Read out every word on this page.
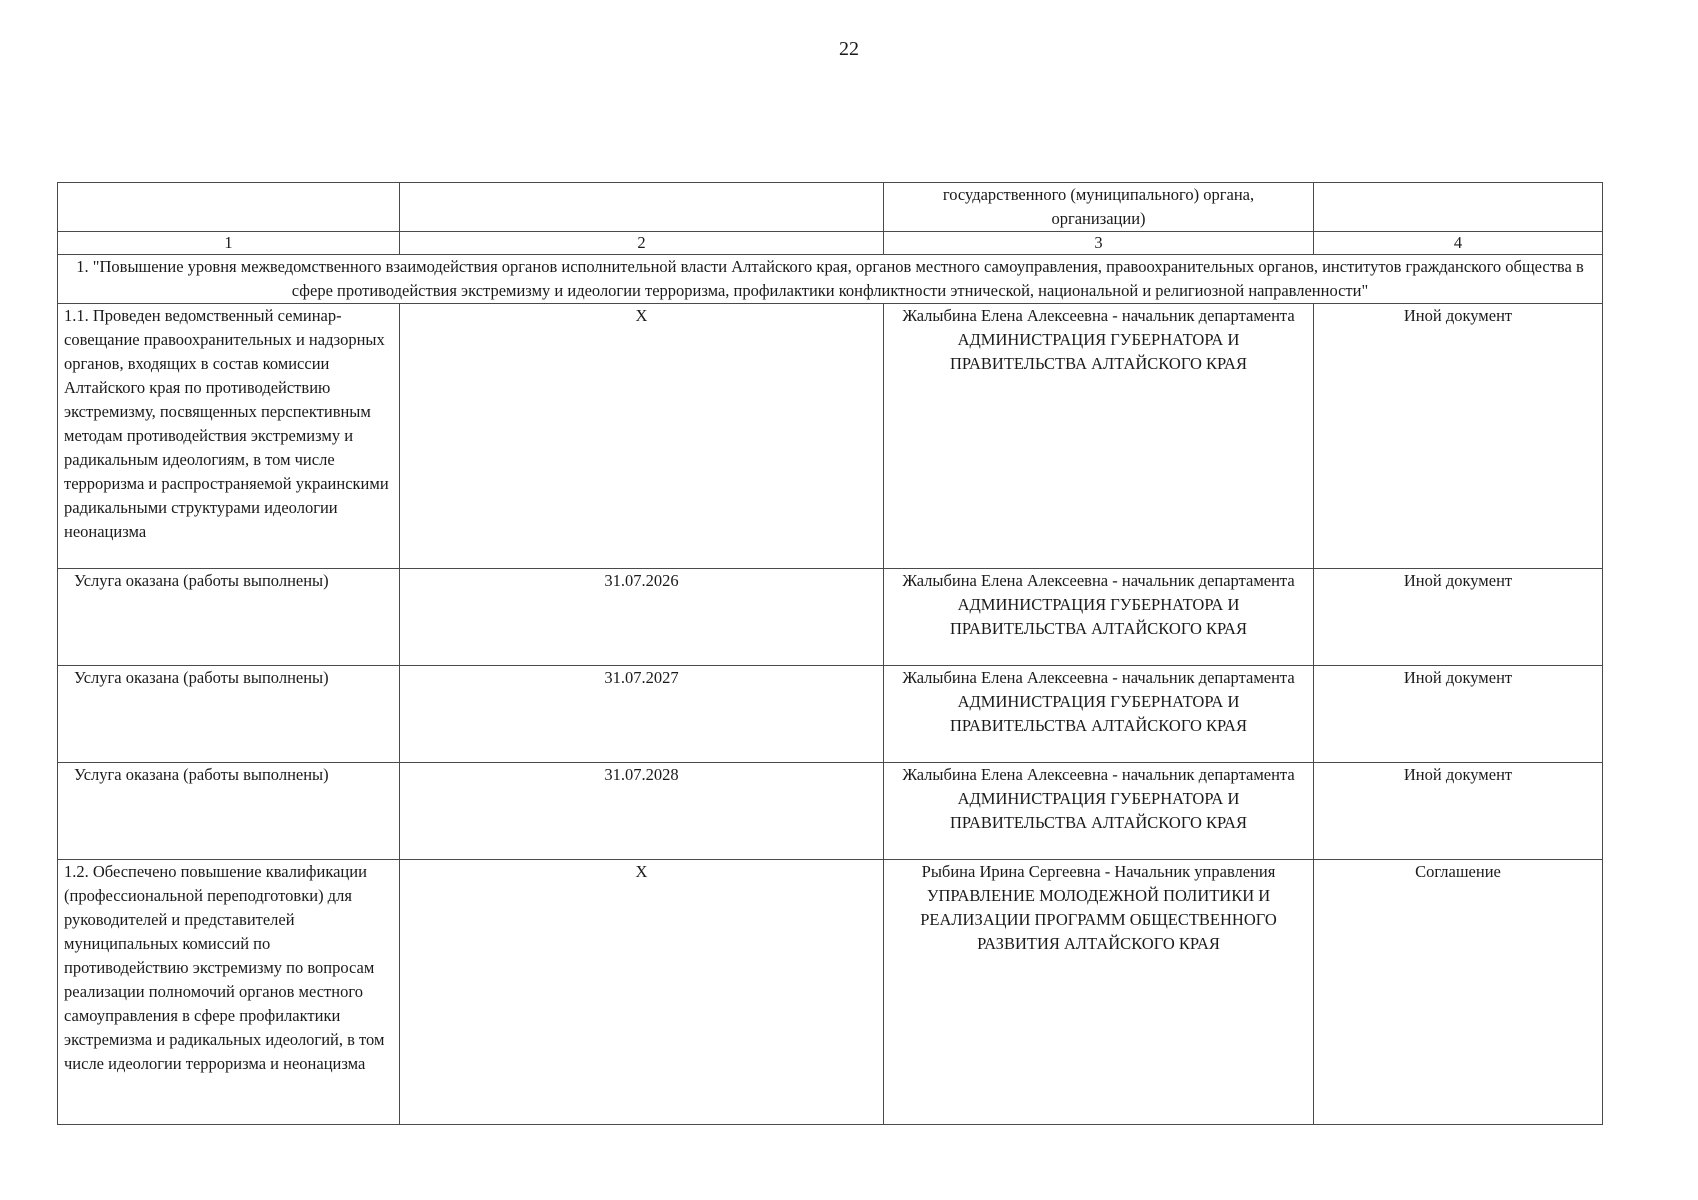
22

		государственного (муниципального) органа,
организации)	

1	2	3	4
1. "Повышение уровня межведомственного взаимодействия органов исполнительной власти Алтайского края, органов местного самоуправления, правоохранительных органов, институтов гражданского общества в сфере противодействия экстремизму и идеологии терроризма, профилактики конфликтности этнической, национальной и религиозной направленности"			
1.1. Проведен ведомственный семинар-совещание правоохранительных и надзорных органов, входящих в состав комиссии Алтайского края по противодействию экстремизму, посвященных перспективным методам противодействия экстремизму и радикальным идеологиям, в том числе терроризма и распространяемой украинскими радикальными структурами идеологии неонацизма	X	Жалыбина Елена Алексеевна - начальник департамента
АДМИНИСТРАЦИЯ ГУБЕРНАТОРА И ПРАВИТЕЛЬСТВА АЛТАЙСКОГО КРАЯ	Иной документ
Услуга оказана (работы выполнены)	31.07.2026	Жалыбина Елена Алексеевна - начальник департамента
АДМИНИСТРАЦИЯ ГУБЕРНАТОРА И ПРАВИТЕЛЬСТВА АЛТАЙСКОГО КРАЯ	Иной документ
Услуга оказана (работы выполнены)	31.07.2027	Жалыбина Елена Алексеевна - начальник департамента
АДМИНИСТРАЦИЯ ГУБЕРНАТОРА И ПРАВИТЕЛЬСТВА АЛТАЙСКОГО КРАЯ	Иной документ
Услуга оказана (работы выполнены)	31.07.2028	Жалыбина Елена Алексеевна - начальник департамента
АДМИНИСТРАЦИЯ ГУБЕРНАТОРА И ПРАВИТЕЛЬСТВА АЛТАЙСКОГО КРАЯ	Иной документ
1.2. Обеспечено повышение квалификации (профессиональной переподготовки) для руководителей и представителей муниципальных комиссий по противодействию экстремизму по вопросам реализации полномочий органов местного самоуправления в сфере профилактики экстремизма и радикальных идеологий, в том числе идеологии терроризма и неонацизма	X	Рыбина Ирина Сергеевна - Начальник управления
УПРАВЛЕНИЕ МОЛОДЕЖНОЙ ПОЛИТИКИ И РЕАЛИЗАЦИИ ПРОГРАММ ОБЩЕСТВЕННОГО РАЗВИТИЯ АЛТАЙСКОГО КРАЯ	Соглашение
